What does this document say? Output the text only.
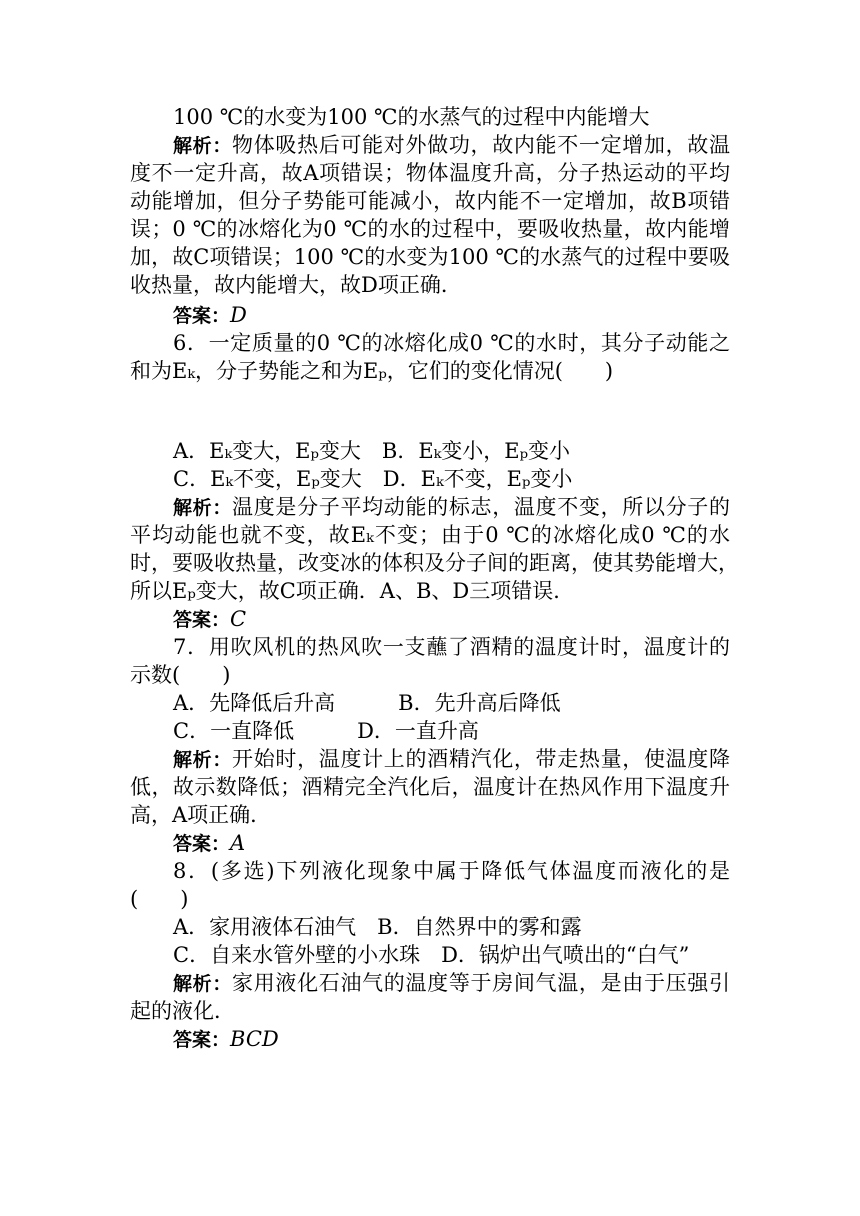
100 ℃的水变为100 ℃的水蒸气的过程中内能增大
解析：物体吸热后可能对外做功，故内能不一定增加，故温
度不一定升高，故A项错误；物体温度升高，分子热运动的平均
动能增加，但分子势能可能减小，故内能不一定增加，故B项错
误；0 ℃的冰熔化为0 ℃的水的过程中，要吸收热量，故内能增
加，故C项错误；100 ℃的水变为100 ℃的水蒸气的过程中要吸
收热量，故内能增大，故D项正确．
答案：D
6．一定质量的0 ℃的冰熔化成0 ℃的水时，其分子动能之
和为Eₖ，分子势能之和为Eₚ，它们的变化情况(　　)
A．Eₖ变大，Eₚ变大　B．Eₖ变小，Eₚ变小
C．Eₖ不变，Eₚ变大　D．Eₖ不变，Eₚ变小
解析：温度是分子平均动能的标志，温度不变，所以分子的
平均动能也就不变，故Eₖ不变；由于0 ℃的冰熔化成0 ℃的水
时，要吸收热量，改变冰的体积及分子间的距离，使其势能增大，
所以Eₚ变大，故C项正确．A、B、D三项错误．
答案：C
7．用吹风机的热风吹一支蘸了酒精的温度计时，温度计的
示数(　　)
A．先降低后升高　　　B．先升高后降低
C．一直降低　　　D．一直升高
解析：开始时，温度计上的酒精汽化，带走热量，使温度降
低，故示数降低；酒精完全汽化后，温度计在热风作用下温度升
高，A项正确．
答案：A
8．(多选)下列液化现象中属于降低气体温度而液化的是
(　　)
A．家用液体石油气　B．自然界中的雾和露
C．自来水管外壁的小水珠　D．锅炉出气喷出的“白气”
解析：家用液化石油气的温度等于房间气温，是由于压强引
起的液化．
答案：BCD
